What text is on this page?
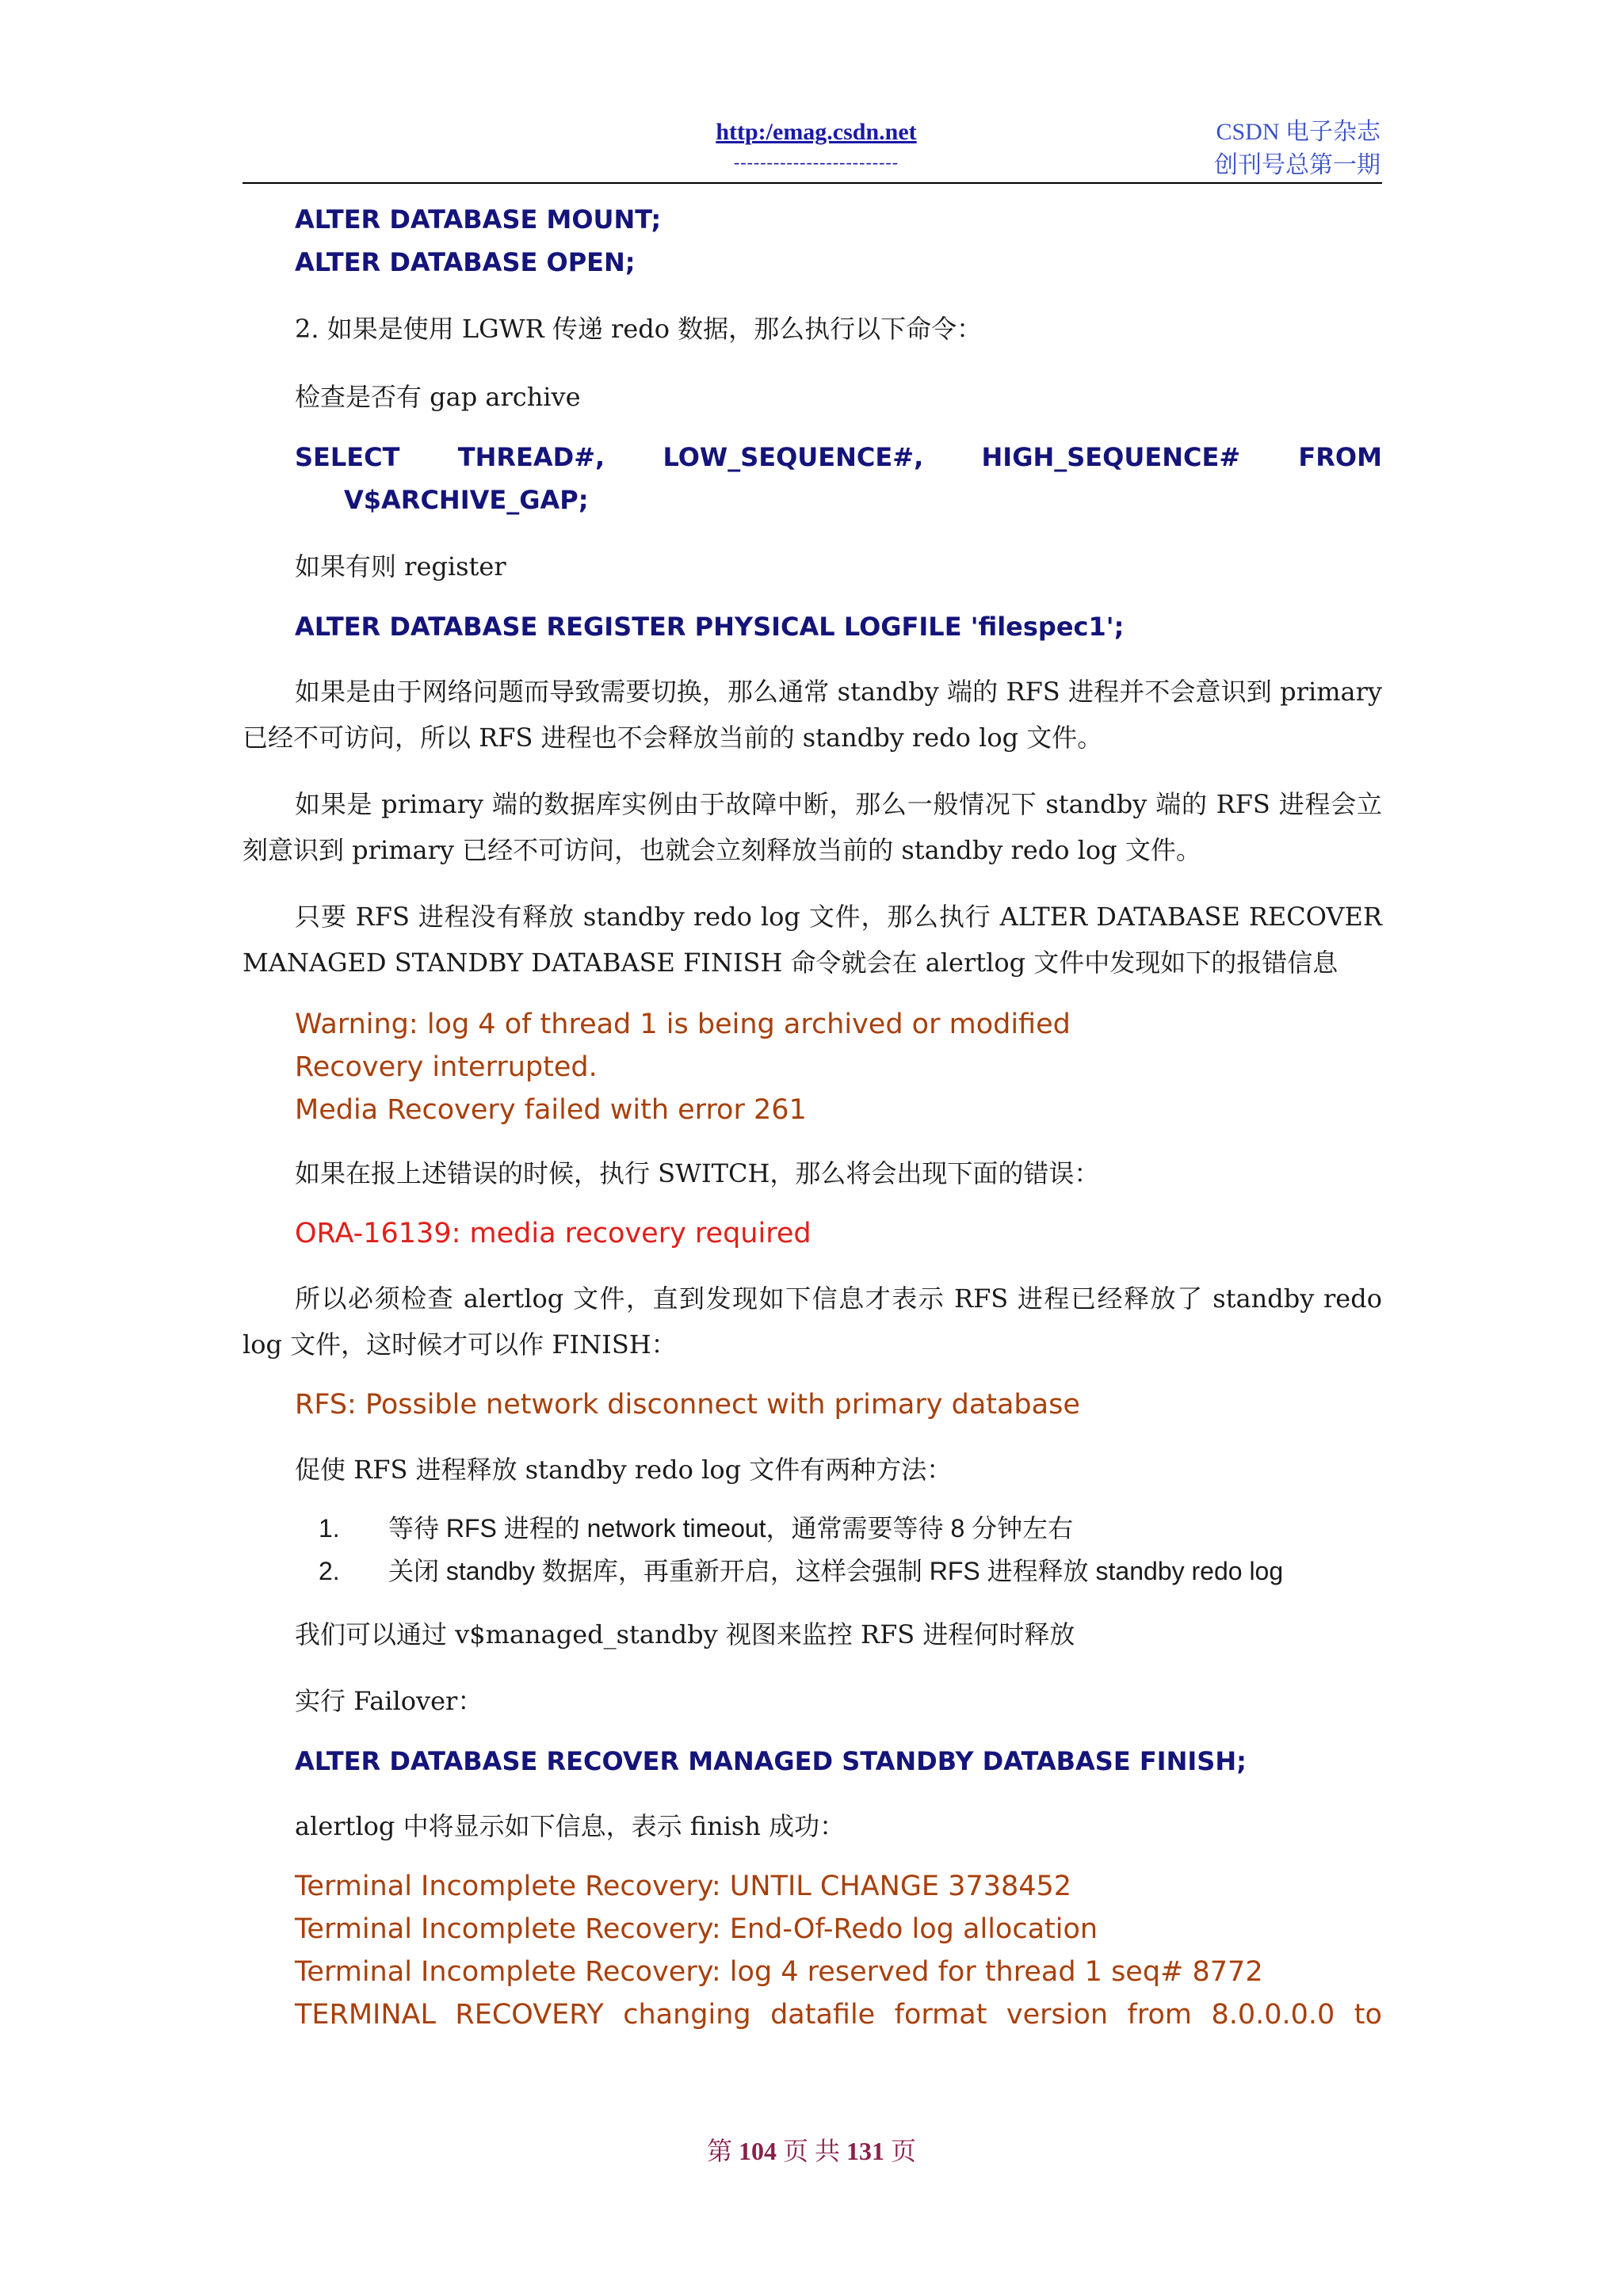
http:/emag.csdn.net
-------------------------
CSDN 电子杂志
创刊号总第一期
ALTER DATABASE MOUNT;
ALTER DATABASE OPEN;
2. 如果是使用 LGWR 传递 redo 数据，那么执行以下命令：
检查是否有 gap archive
SELECT THREAD#, LOW_SEQUENCE#, HIGH_SEQUENCE# FROM
V$ARCHIVE_GAP;
如果有则 register
ALTER DATABASE REGISTER PHYSICAL LOGFILE 'filespec1';
如果是由于网络问题而导致需要切换，那么通常 standby 端的 RFS 进程并不会意识到 primary 已经不可访问，所以 RFS 进程也不会释放当前的 standby redo log 文件。
如果是 primary 端的数据库实例由于故障中断，那么一般情况下 standby 端的 RFS 进程会立刻意识到 primary 已经不可访问，也就会立刻释放当前的 standby redo log 文件。
只要 RFS 进程没有释放 standby redo log 文件，那么执行 ALTER DATABASE RECOVER MANAGED STANDBY DATABASE FINISH 命令就会在 alertlog 文件中发现如下的报错信息
Warning: log 4 of thread 1 is being archived or modified
Recovery interrupted.
Media Recovery failed with error 261
如果在报上述错误的时候，执行 SWITCH，那么将会出现下面的错误：
ORA-16139: media recovery required
所以必须检查 alertlog 文件，直到发现如下信息才表示 RFS 进程已经释放了 standby redo log 文件，这时候才可以作 FINISH：
RFS: Possible network disconnect with primary database
促使 RFS 进程释放 standby redo log 文件有两种方法：
1.	等待 RFS 进程的 network timeout，通常需要等待 8 分钟左右
2.	关闭 standby 数据库，再重新开启，这样会强制 RFS 进程释放 standby redo log
我们可以通过 v$managed_standby 视图来监控 RFS 进程何时释放
实行 Failover：
ALTER DATABASE RECOVER MANAGED STANDBY DATABASE FINISH;
alertlog 中将显示如下信息，表示 finish 成功：
Terminal Incomplete Recovery: UNTIL CHANGE 3738452
Terminal Incomplete Recovery: End-Of-Redo log allocation
Terminal Incomplete Recovery: log 4 reserved for thread 1 seq# 8772
TERMINAL RECOVERY changing datafile format version from 8.0.0.0.0 to
第 104 页 共 131 页
